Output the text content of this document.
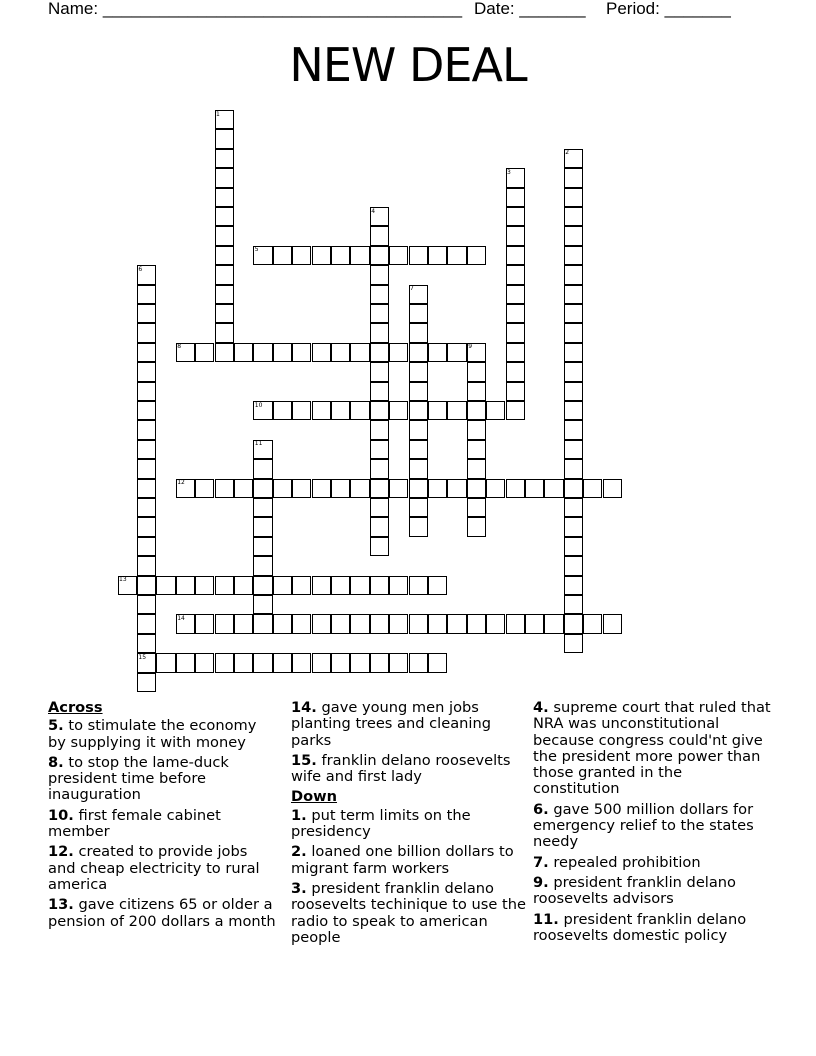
Name: ______________________________________ Date: _______ Period: _______
NEW DEAL
1
2
3
4
5
6
7
8	9
10
11
12
13
14
15
Across
5. to stimulate the economy by supplying it with money
8. to stop the lame-duck president time before inauguration
10. first female cabinet member
12. created to provide jobs and cheap electricity to rural america
13. gave citizens 65 or older a pension of 200 dollars a month
14. gave young men jobs planting trees and cleaning parks
15. franklin delano roosevelts wife and first lady
Down
1. put term limits on the presidency
2. loaned one billion dollars to migrant farm workers
3. president franklin delano roosevelts techinique to use the radio to speak to american people
4. supreme court that ruled that NRA was unconstitutional because congress could'nt give the president more power than those granted in the constitution
6. gave 500 million dollars for emergency relief to the states needy
7. repealed prohibition
9. president franklin delano roosevelts advisors
11. president franklin delano roosevelts domestic policy
